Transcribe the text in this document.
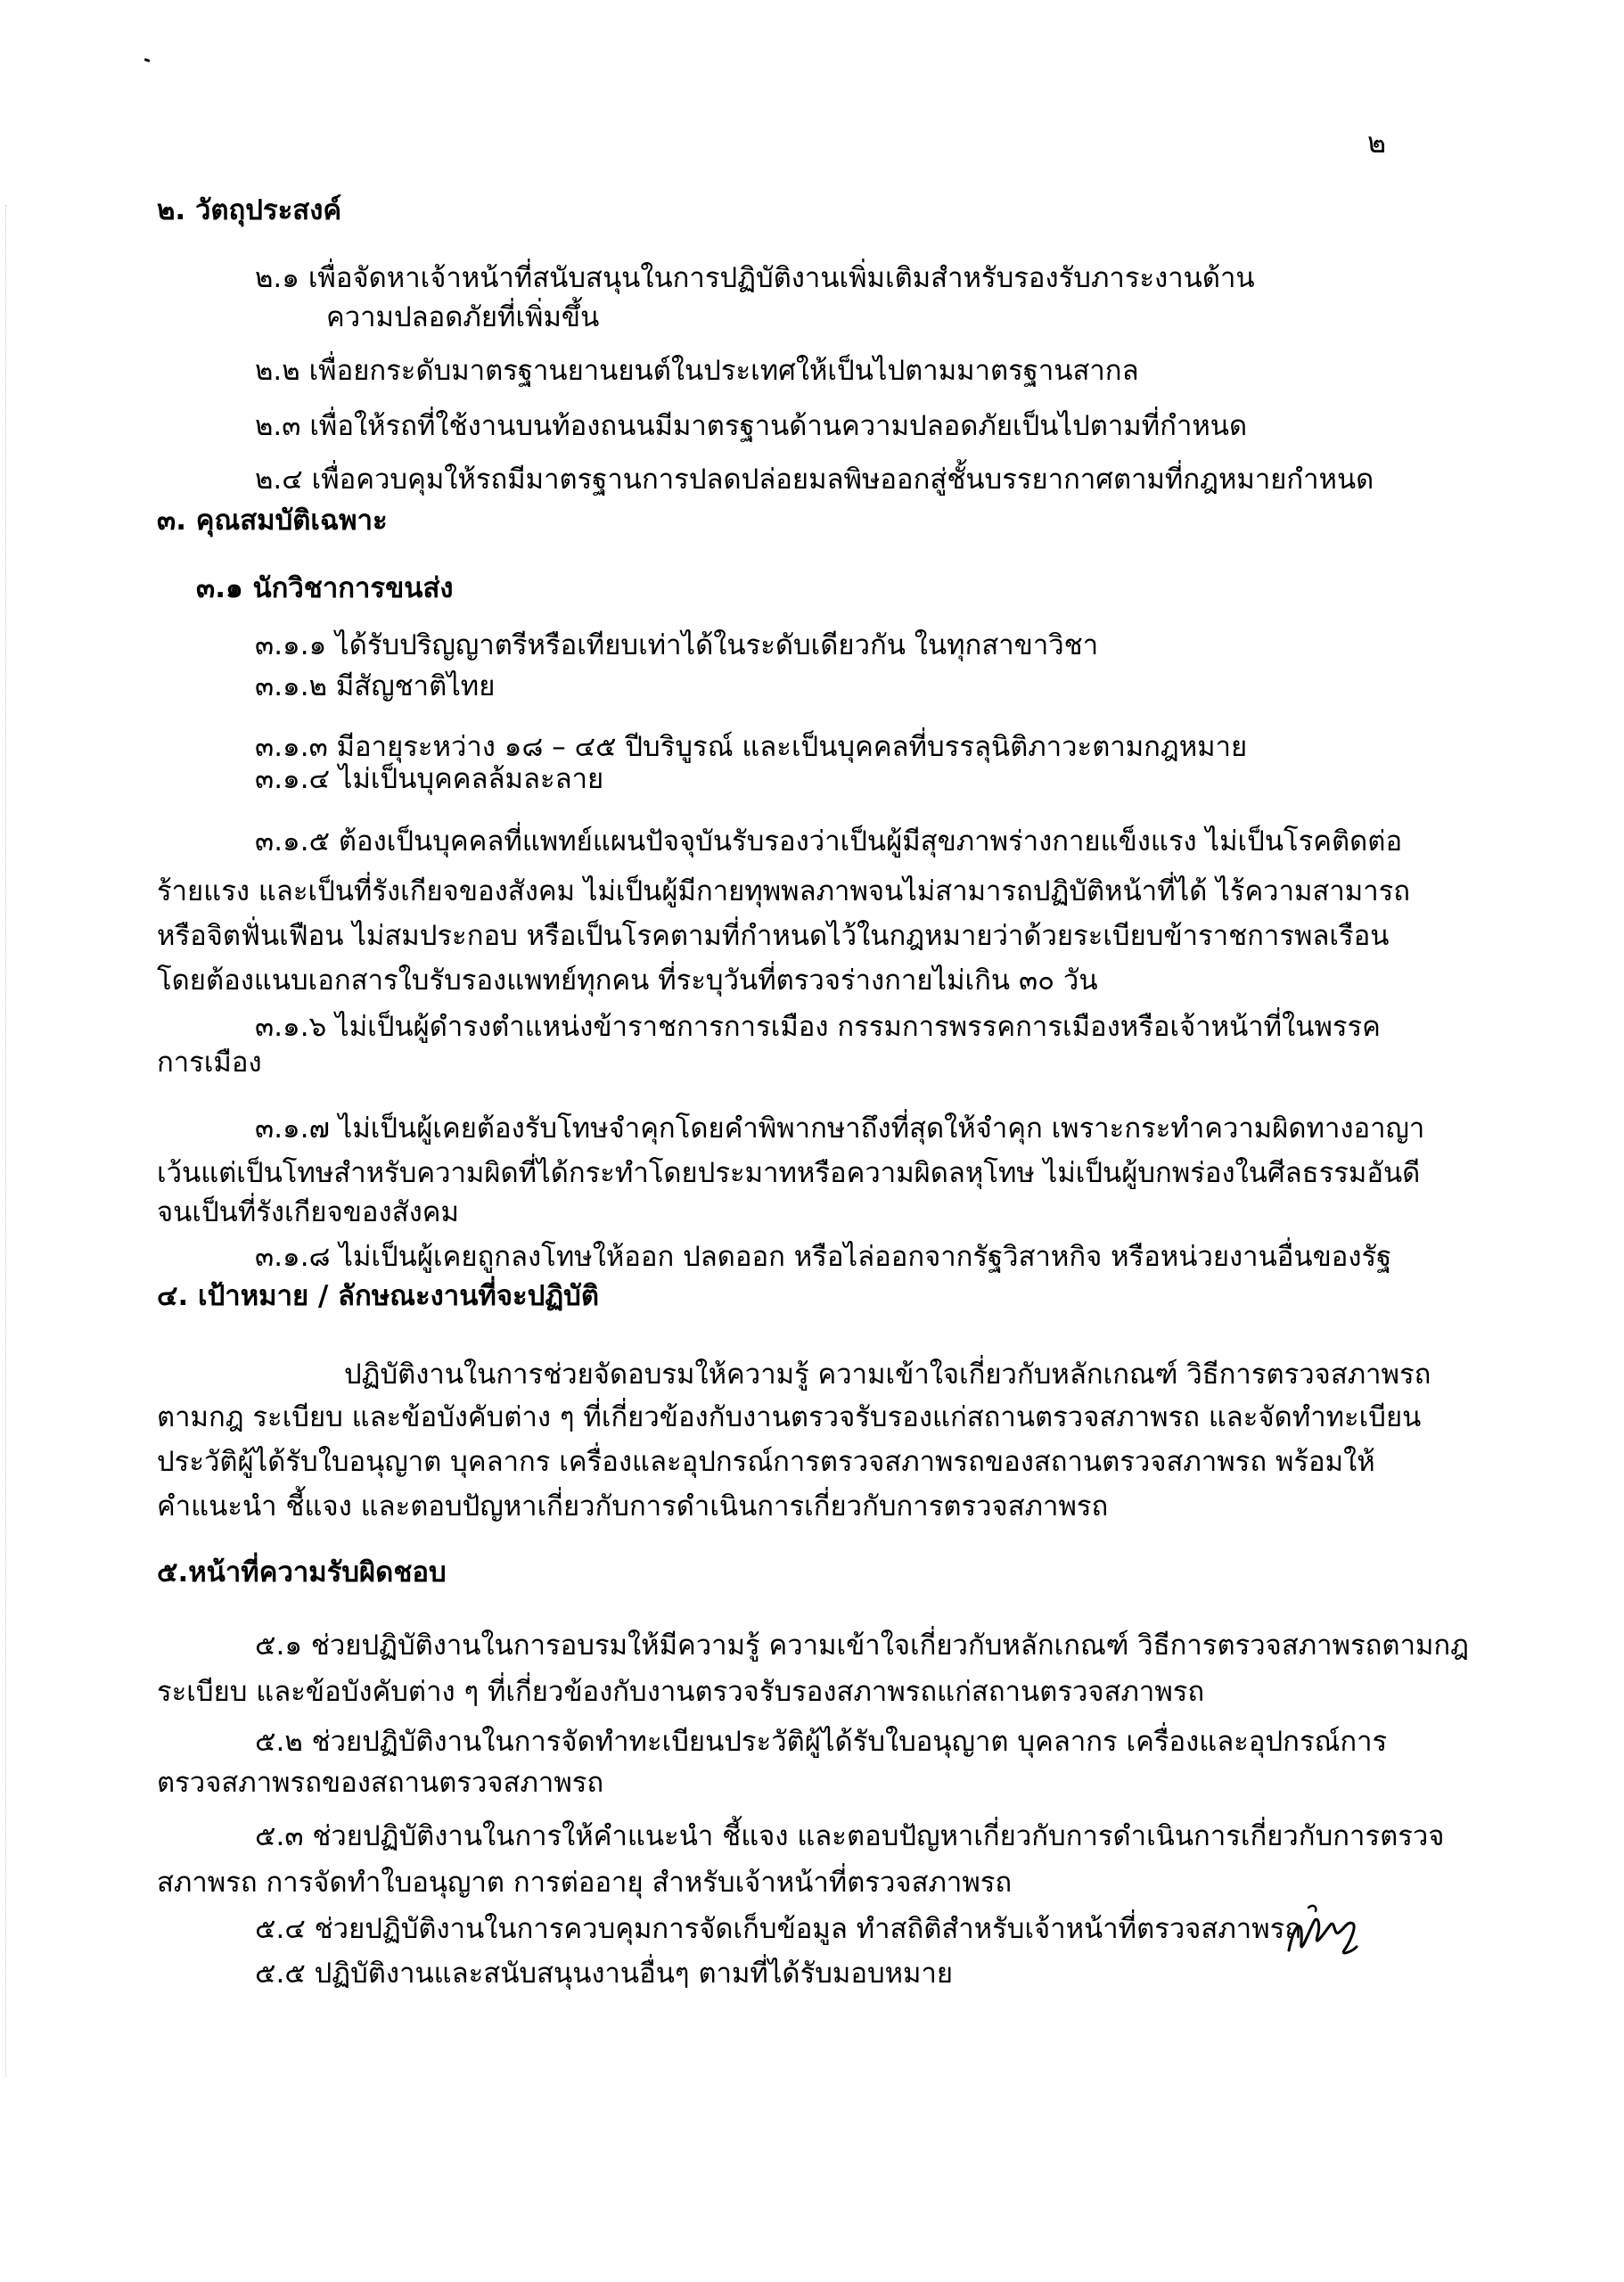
๒
๒. วัตถุประสงค์
๒.๑ เพื่อจัดหาเจ้าหน้าที่สนับสนุนในการปฏิบัติงานเพิ่มเติมสำหรับรองรับภาระงานด้าน
ความปลอดภัยที่เพิ่มขึ้น
๒.๒ เพื่อยกระดับมาตรฐานยานยนต์ในประเทศให้เป็นไปตามมาตรฐานสากล
๒.๓ เพื่อให้รถที่ใช้งานบนท้องถนนมีมาตรฐานด้านความปลอดภัยเป็นไปตามที่กำหนด
๒.๔ เพื่อควบคุมให้รถมีมาตรฐานการปลดปล่อยมลพิษออกสู่ชั้นบรรยากาศตามที่กฎหมายกำหนด
๓. คุณสมบัติเฉพาะ
๓.๑ นักวิชาการขนส่ง
๓.๑.๑ ได้รับปริญญาตรีหรือเทียบเท่าได้ในระดับเดียวกัน ในทุกสาขาวิชา
๓.๑.๒ มีสัญชาติไทย
๓.๑.๓ มีอายุระหว่าง ๑๘ – ๔๕ ปีบริบูรณ์ และเป็นบุคคลที่บรรลุนิติภาวะตามกฎหมาย
๓.๑.๔ ไม่เป็นบุคคลล้มละลาย
๓.๑.๕ ต้องเป็นบุคคลที่แพทย์แผนปัจจุบันรับรองว่าเป็นผู้มีสุขภาพร่างกายแข็งแรง ไม่เป็นโรคติดต่อ
ร้ายแรง และเป็นที่รังเกียจของสังคม ไม่เป็นผู้มีกายทุพพลภาพจนไม่สามารถปฏิบัติหน้าที่ได้ ไร้ความสามารถ
หรือจิตฟั่นเฟือน ไม่สมประกอบ หรือเป็นโรคตามที่กำหนดไว้ในกฎหมายว่าด้วยระเบียบข้าราชการพลเรือน
โดยต้องแนบเอกสารใบรับรองแพทย์ทุกคน ที่ระบุวันที่ตรวจร่างกายไม่เกิน ๓๐ วัน
๓.๑.๖ ไม่เป็นผู้ดำรงตำแหน่งข้าราชการการเมือง กรรมการพรรคการเมืองหรือเจ้าหน้าที่ในพรรค
การเมือง
๓.๑.๗ ไม่เป็นผู้เคยต้องรับโทษจำคุกโดยคำพิพากษาถึงที่สุดให้จำคุก เพราะกระทำความผิดทางอาญา
เว้นแต่เป็นโทษสำหรับความผิดที่ได้กระทำโดยประมาทหรือความผิดลหุโทษ ไม่เป็นผู้บกพร่องในศีลธรรมอันดี
จนเป็นที่รังเกียจของสังคม
๓.๑.๘ ไม่เป็นผู้เคยถูกลงโทษให้ออก ปลดออก หรือไล่ออกจากรัฐวิสาหกิจ หรือหน่วยงานอื่นของรัฐ
๔. เป้าหมาย / ลักษณะงานที่จะปฏิบัติ
ปฏิบัติงานในการช่วยจัดอบรมให้ความรู้ ความเข้าใจเกี่ยวกับหลักเกณฑ์ วิธีการตรวจสภาพรถ
ตามกฎ ระเบียบ และข้อบังคับต่าง ๆ ที่เกี่ยวข้องกับงานตรวจรับรองแก่สถานตรวจสภาพรถ และจัดทำทะเบียน
ประวัติผู้ได้รับใบอนุญาต บุคลากร เครื่องและอุปกรณ์การตรวจสภาพรถของสถานตรวจสภาพรถ พร้อมให้
คำแนะนำ ชี้แจง และตอบปัญหาเกี่ยวกับการดำเนินการเกี่ยวกับการตรวจสภาพรถ
๕.หน้าที่ความรับผิดชอบ
๕.๑ ช่วยปฏิบัติงานในการอบรมให้มีความรู้ ความเข้าใจเกี่ยวกับหลักเกณฑ์ วิธีการตรวจสภาพรถตามกฎ
ระเบียบ และข้อบังคับต่าง ๆ ที่เกี่ยวข้องกับงานตรวจรับรองสภาพรถแก่สถานตรวจสภาพรถ
๕.๒ ช่วยปฏิบัติงานในการจัดทำทะเบียนประวัติผู้ได้รับใบอนุญาต บุคลากร เครื่องและอุปกรณ์การ
ตรวจสภาพรถของสถานตรวจสภาพรถ
๕.๓ ช่วยปฏิบัติงานในการให้คำแนะนำ ชี้แจง และตอบปัญหาเกี่ยวกับการดำเนินการเกี่ยวกับการตรวจ
สภาพรถ การจัดทำใบอนุญาต การต่ออายุ สำหรับเจ้าหน้าที่ตรวจสภาพรถ
๕.๔ ช่วยปฏิบัติงานในการควบคุมการจัดเก็บข้อมูล ทำสถิติสำหรับเจ้าหน้าที่ตรวจสภาพรถ
๕.๕ ปฏิบัติงานและสนับสนุนงานอื่นๆ ตามที่ได้รับมอบหมาย
